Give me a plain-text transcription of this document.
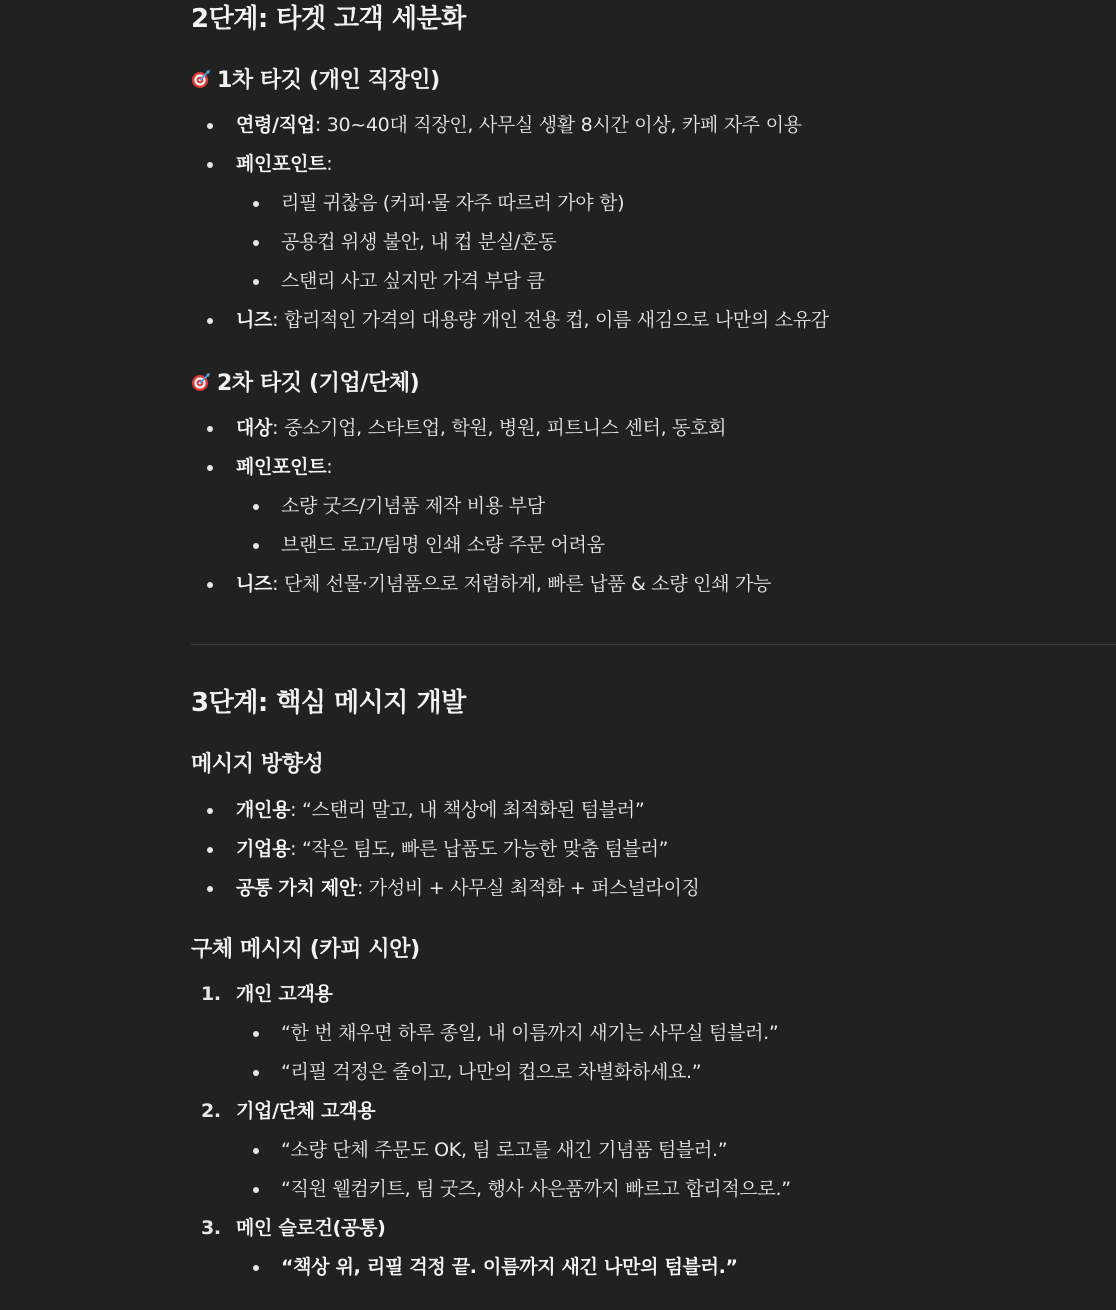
2단계: 타겟 고객 세분화
1차 타깃 (개인 직장인)
연령/직업: 30~40대 직장인, 사무실 생활 8시간 이상, 카페 자주 이용
페인포인트:
리필 귀찮음 (커피·물 자주 따르러 가야 함)
공용컵 위생 불안, 내 컵 분실/혼동
스탠리 사고 싶지만 가격 부담 큼
니즈: 합리적인 가격의 대용량 개인 전용 컵, 이름 새김으로 나만의 소유감
2차 타깃 (기업/단체)
대상: 중소기업, 스타트업, 학원, 병원, 피트니스 센터, 동호회
페인포인트:
소량 굿즈/기념품 제작 비용 부담
브랜드 로고/팀명 인쇄 소량 주문 어려움
니즈: 단체 선물·기념품으로 저렴하게, 빠른 납품 & 소량 인쇄 가능
3단계: 핵심 메시지 개발
메시지 방향성
개인용: “스탠리 말고, 내 책상에 최적화된 텀블러”
기업용: “작은 팀도, 빠른 납품도 가능한 맞춤 텀블러”
공통 가치 제안: 가성비 + 사무실 최적화 + 퍼스널라이징
구체 메시지 (카피 시안)
1. 개인 고객용
“한 번 채우면 하루 종일, 내 이름까지 새기는 사무실 텀블러.”
“리필 걱정은 줄이고, 나만의 컵으로 차별화하세요.”
2. 기업/단체 고객용
“소량 단체 주문도 OK, 팀 로고를 새긴 기념품 텀블러.”
“직원 웰컴키트, 팀 굿즈, 행사 사은품까지 빠르고 합리적으로.”
3. 메인 슬로건(공통)
“책상 위, 리필 걱정 끝. 이름까지 새긴 나만의 텀블러.”
